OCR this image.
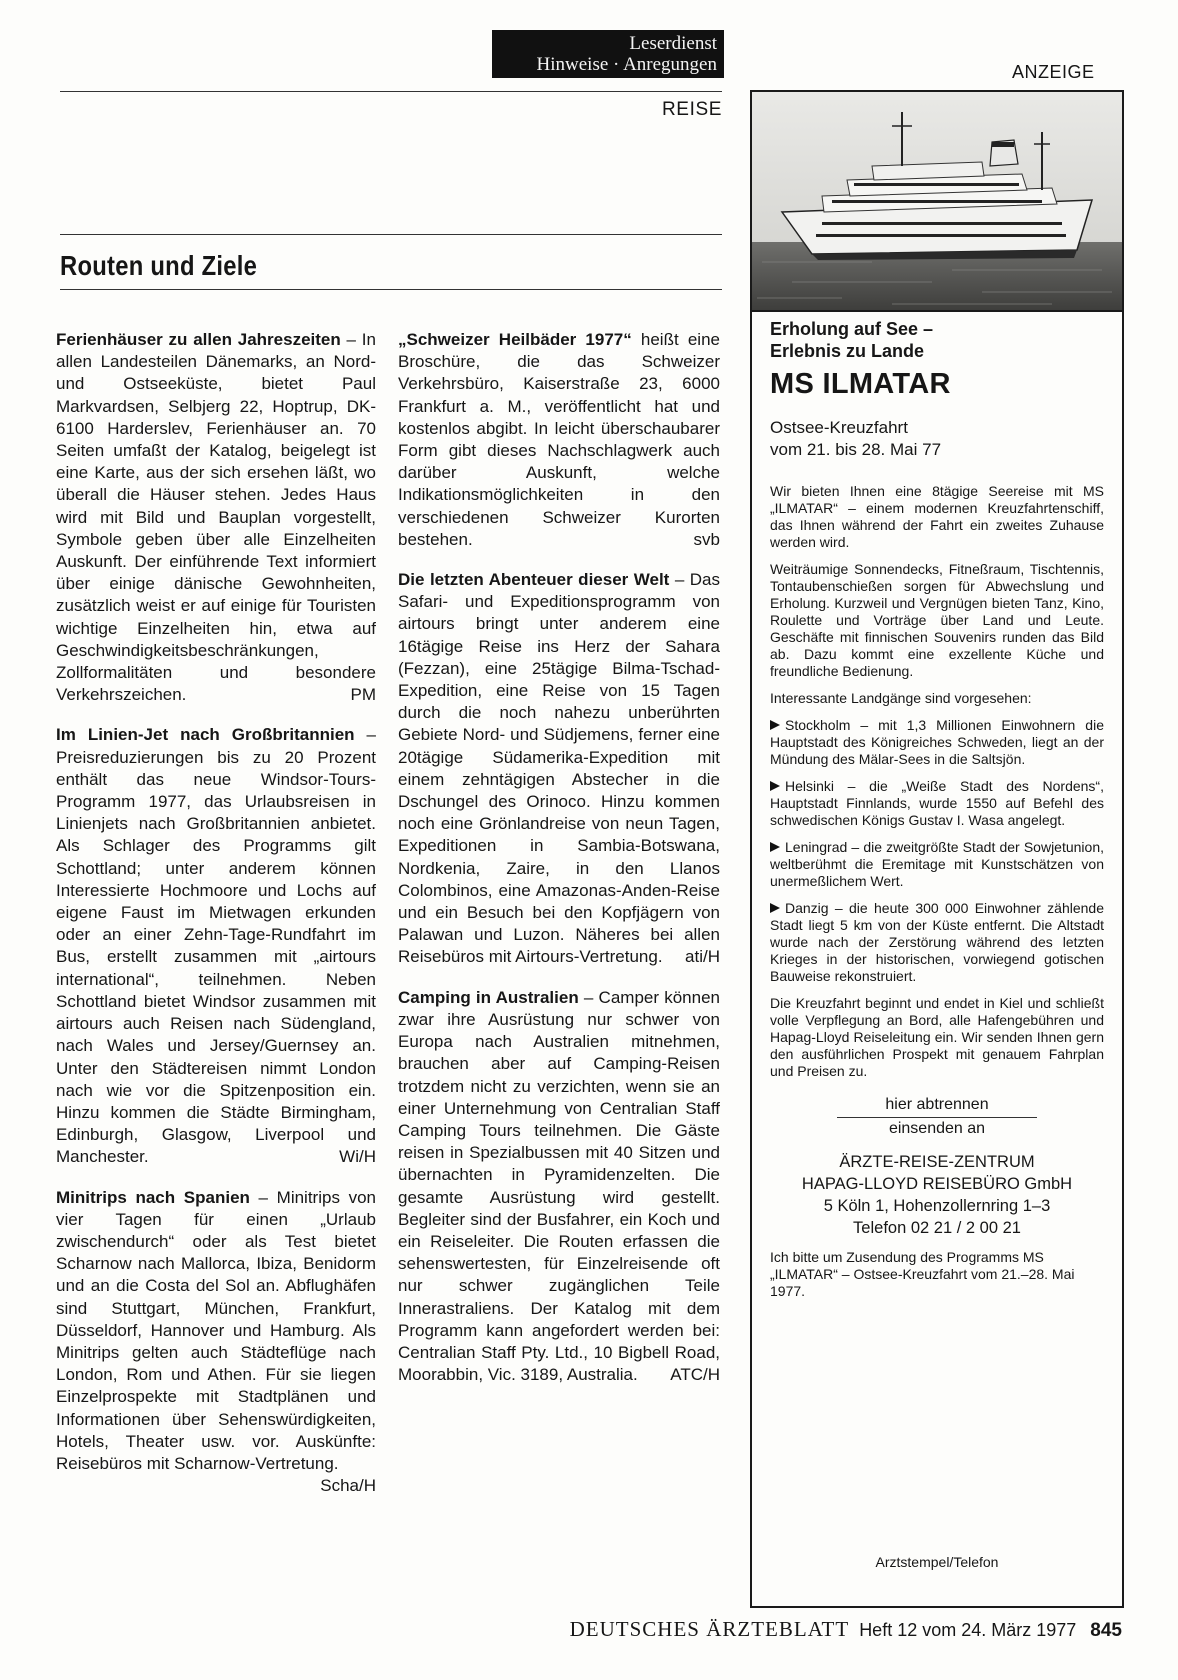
Leserdienst
Hinweise · Anregungen	ANZEIGE
REISE
Routen und Ziele
Ferienhäuser zu allen Jahreszeiten – In allen Landesteilen Dänemarks, an Nord- und Ostseeküste, bietet Paul Markvardsen, Selbjerg 22, Hoptrup, DK-6100 Harderslev, Ferienhäuser an. 70 Seiten umfaßt der Katalog, beigelegt ist eine Karte, aus der sich ersehen läßt, wo überall die Häuser stehen. Jedes Haus wird mit Bild und Bauplan vorgestellt, Symbole geben über alle Einzelheiten Auskunft. Der einführende Text informiert über einige dänische Gewohnheiten, zusätzlich weist er auf einige für Touristen wichtige Einzelheiten hin, etwa auf Geschwindigkeitsbeschränkungen, Zollformalitäten und besondere Verkehrszeichen.	PM
Im Linien-Jet nach Großbritannien – Preisreduzierungen bis zu 20 Prozent enthält das neue Windsor-Tours-Programm 1977, das Urlaubsreisen in Linienjets nach Großbritannien anbietet. Als Schlager des Programms gilt Schottland; unter anderem können Interessierte Hochmoore und Lochs auf eigene Faust im Mietwagen erkunden oder an einer Zehn-Tage-Rundfahrt im Bus, erstellt zusammen mit „airtours international“, teilnehmen. Neben Schottland bietet Windsor zusammen mit airtours auch Reisen nach Südengland, nach Wales und Jersey/Guernsey an. Unter den Städtereisen nimmt London nach wie vor die Spitzenposition ein. Hinzu kommen die Städte Birmingham, Edinburgh, Glasgow, Liverpool und Manchester.	Wi/H
Minitrips nach Spanien – Minitrips von vier Tagen für einen „Urlaub zwischendurch“ oder als Test bietet Scharnow nach Mallorca, Ibiza, Benidorm und an die Costa del Sol an. Abflughäfen sind Stuttgart, München, Frankfurt, Düsseldorf, Hannover und Hamburg. Als Minitrips gelten auch Städteflüge nach London, Rom und Athen. Für sie liegen Einzelprospekte mit Stadtplänen und Informationen über Sehenswürdigkeiten, Hotels, Theater usw. vor. Auskünfte: Reisebüros mit Scharnow-Vertretung.
Scha/H
„Schweizer Heilbäder 1977“ heißt eine Broschüre, die das Schweizer Verkehrsbüro, Kaiserstraße 23, 6000 Frankfurt a. M., veröffentlicht hat und kostenlos abgibt. In leicht überschaubarer Form gibt dieses Nachschlagwerk auch darüber Auskunft, welche Indikationsmöglichkeiten in den verschiedenen Schweizer Kurorten bestehen.	svb
Die letzten Abenteuer dieser Welt – Das Safari- und Expeditionsprogramm von airtours bringt unter anderem eine 16tägige Reise ins Herz der Sahara (Fezzan), eine 25tägige Bilma-Tschad-Expedition, eine Reise von 15 Tagen durch die noch nahezu unberührten Gebiete Nord- und Südjemens, ferner eine 20tägige Südamerika-Expedition mit einem zehntägigen Abstecher in die Dschungel des Orinoco. Hinzu kommen noch eine Grönlandreise von neun Tagen, Expeditionen in Sambia-Botswana, Nordkenia, Zaire, in den Llanos Colombinos, eine Amazonas-Anden-Reise und ein Besuch bei den Kopfjägern von Palawan und Luzon. Näheres bei allen Reisebüros mit Airtours-Vertretung. ati/H
Camping in Australien – Camper können zwar ihre Ausrüstung nur schwer von Europa nach Australien mitnehmen, brauchen aber auf Camping-Reisen trotzdem nicht zu verzichten, wenn sie an einer Unternehmung von Centralian Staff Camping Tours teilnehmen. Die Gäste reisen in Spezialbussen mit 40 Sitzen und übernachten in Pyramidenzelten. Die gesamte Ausrüstung wird gestellt. Begleiter sind der Busfahrer, ein Koch und ein Reiseleiter. Die Routen erfassen die sehenswertesten, für Einzelreisende oft nur schwer zugänglichen Teile Innerastraliens. Der Katalog mit dem Programm kann angefordert werden bei: Centralian Staff Pty. Ltd., 10 Bigbell Road, Moorabbin, Vic. 3189, Australia. ATC/H
Erholung auf See –
Erlebnis zu Lande
MS ILMATAR
Ostsee-Kreuzfahrt
vom 21. bis 28. Mai 77
Wir bieten Ihnen eine 8tägige Seereise mit MS „ILMATAR“ – einem modernen Kreuzfahrtenschiff, das Ihnen während der Fahrt ein zweites Zuhause werden wird.
Weiträumige Sonnendecks, Fitneßraum, Tischtennis, Tontaubenschießen sorgen für Abwechslung und Erholung. Kurzweil und Vergnügen bieten Tanz, Kino, Roulette und Vorträge über Land und Leute. Geschäfte mit finnischen Souvenirs runden das Bild ab. Dazu kommt eine exzellente Küche und freundliche Bedienung.
Interessante Landgänge sind vorgesehen:
Stockholm – mit 1,3 Millionen Einwohnern die Hauptstadt des Königreiches Schweden, liegt an der Mündung des Mälar-Sees in die Saltsjön.
Helsinki – die „Weiße Stadt des Nordens“, Hauptstadt Finnlands, wurde 1550 auf Befehl des schwedischen Königs Gustav I. Wasa angelegt.
Leningrad – die zweitgrößte Stadt der Sowjetunion, weltberühmt die Eremitage mit Kunstschätzen von unermeßlichem Wert.
Danzig – die heute 300 000 Einwohner zählende Stadt liegt 5 km von der Küste entfernt. Die Altstadt wurde nach der Zerstörung während des letzten Krieges in der historischen, vorwiegend gotischen Bauweise rekonstruiert.
Die Kreuzfahrt beginnt und endet in Kiel und schließt volle Verpflegung an Bord, alle Hafengebühren und Hapag-Lloyd Reiseleitung ein. Wir senden Ihnen gern den ausführlichen Prospekt mit genauem Fahrplan und Preisen zu.
hier abtrennen
einsenden an
ÄRZTE-REISE-ZENTRUM
HAPAG-LLOYD REISEBÜRO GmbH
5 Köln 1, Hohenzollernring 1–3
Telefon 02 21 / 2 00 21
Ich bitte um Zusendung des Programms MS „ILMATAR“ – Ostsee-Kreuzfahrt vom 21.–28. Mai 1977.
Arztstempel/Telefon
DEUTSCHES ÄRZTEBLATT Heft 12 vom 24. März 1977 845
